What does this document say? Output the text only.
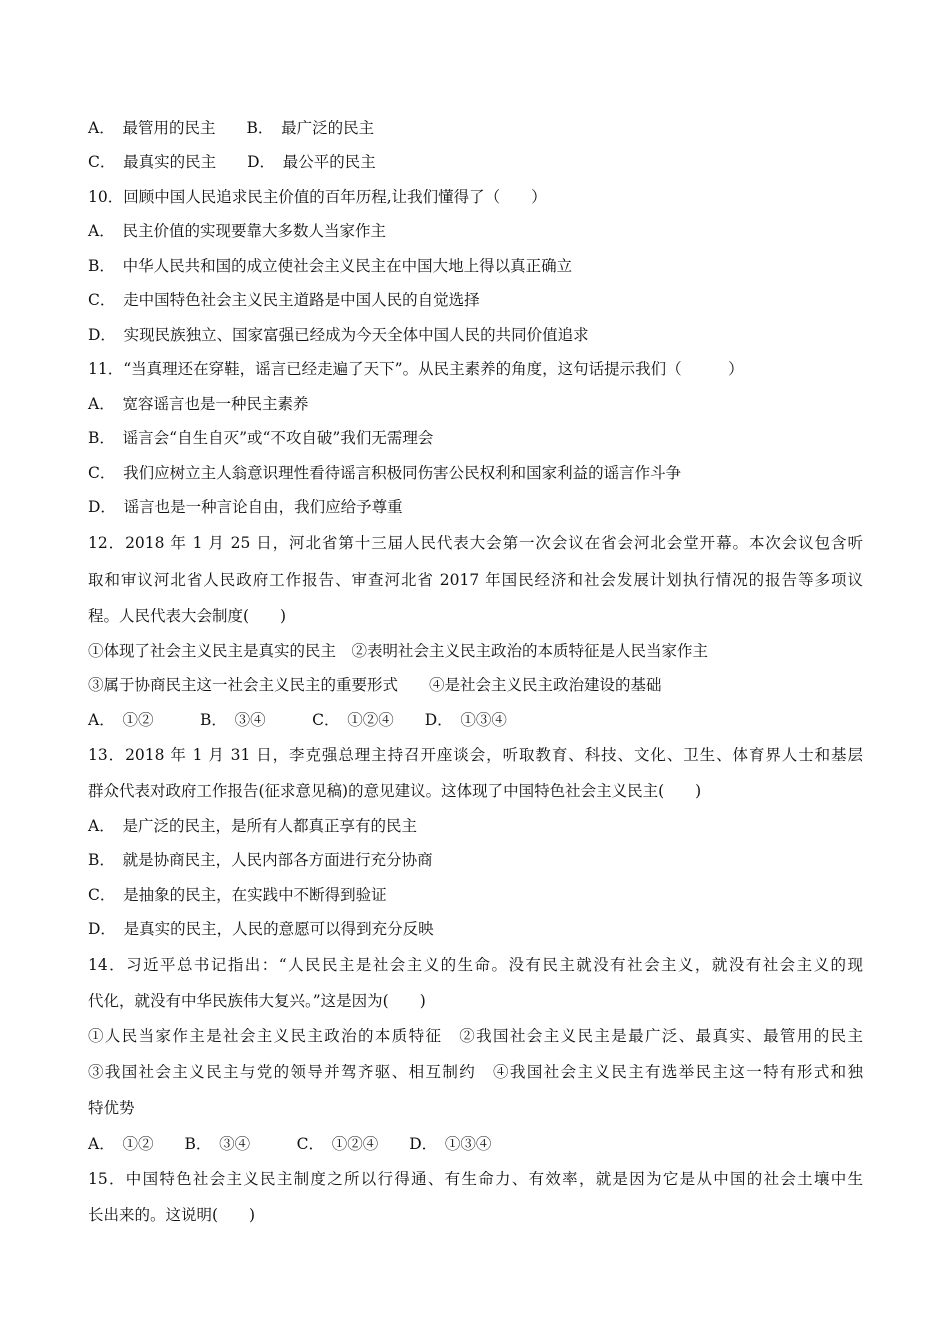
A．　最管用的民主　　B．　最广泛的民主
C．　最真实的民主　　D．　最公平的民主
10．回顾中国人民追求民主价值的百年历程,让我们懂得了（　　）
A．　民主价值的实现要靠大多数人当家作主
B．　中华人民共和国的成立使社会主义民主在中国大地上得以真正确立
C．　走中国特色社会主义民主道路是中国人民的自觉选择
D．　实现民族独立、国家富强已经成为今天全体中国人民的共同价值追求
11．“当真理还在穿鞋，谣言已经走遍了天下”。从民主素养的角度，这句话提示我们（　　　）
A．　宽容谣言也是一种民主素养
B．　谣言会“自生自灭”或“不攻自破”我们无需理会
C．　我们应树立主人翁意识理性看待谣言积极同伤害公民权利和国家利益的谣言作斗争
D．　谣言也是一种言论自由，我们应给予尊重
12．2018 年 1 月 25 日，河北省第十三届人民代表大会第一次会议在省会河北会堂开幕。本次会议包含听
取和审议河北省人民政府工作报告、审查河北省 2017 年国民经济和社会发展计划执行情况的报告等多项议
程。人民代表大会制度(　　)
①体现了社会主义民主是真实的民主　②表明社会主义民主政治的本质特征是人民当家作主
③属于协商民主这一社会主义民主的重要形式　　④是社会主义民主政治建设的基础
A．　①②　　　B．　③④　　　C．　①②④　　D．　①③④
13．2018 年 1 月 31 日，李克强总理主持召开座谈会，听取教育、科技、文化、卫生、体育界人士和基层
群众代表对政府工作报告(征求意见稿)的意见建议。这体现了中国特色社会主义民主(　　)
A．　是广泛的民主，是所有人都真正享有的民主
B．　就是协商民主，人民内部各方面进行充分协商
C．　是抽象的民主，在实践中不断得到验证
D．　是真实的民主，人民的意愿可以得到充分反映
14．习近平总书记指出：“人民民主是社会主义的生命。没有民主就没有社会主义，就没有社会主义的现
代化，就没有中华民族伟大复兴。”这是因为(　　)
①人民当家作主是社会主义民主政治的本质特征　②我国社会主义民主是最广泛、最真实、最管用的民主
③我国社会主义民主与党的领导并驾齐驱、相互制约　④我国社会主义民主有选举民主这一特有形式和独
特优势
A．　①②　　B．　③④　　　C．　①②④　　D．　①③④
15．中国特色社会主义民主制度之所以行得通、有生命力、有效率，就是因为它是从中国的社会土壤中生
长出来的。这说明(　　)
